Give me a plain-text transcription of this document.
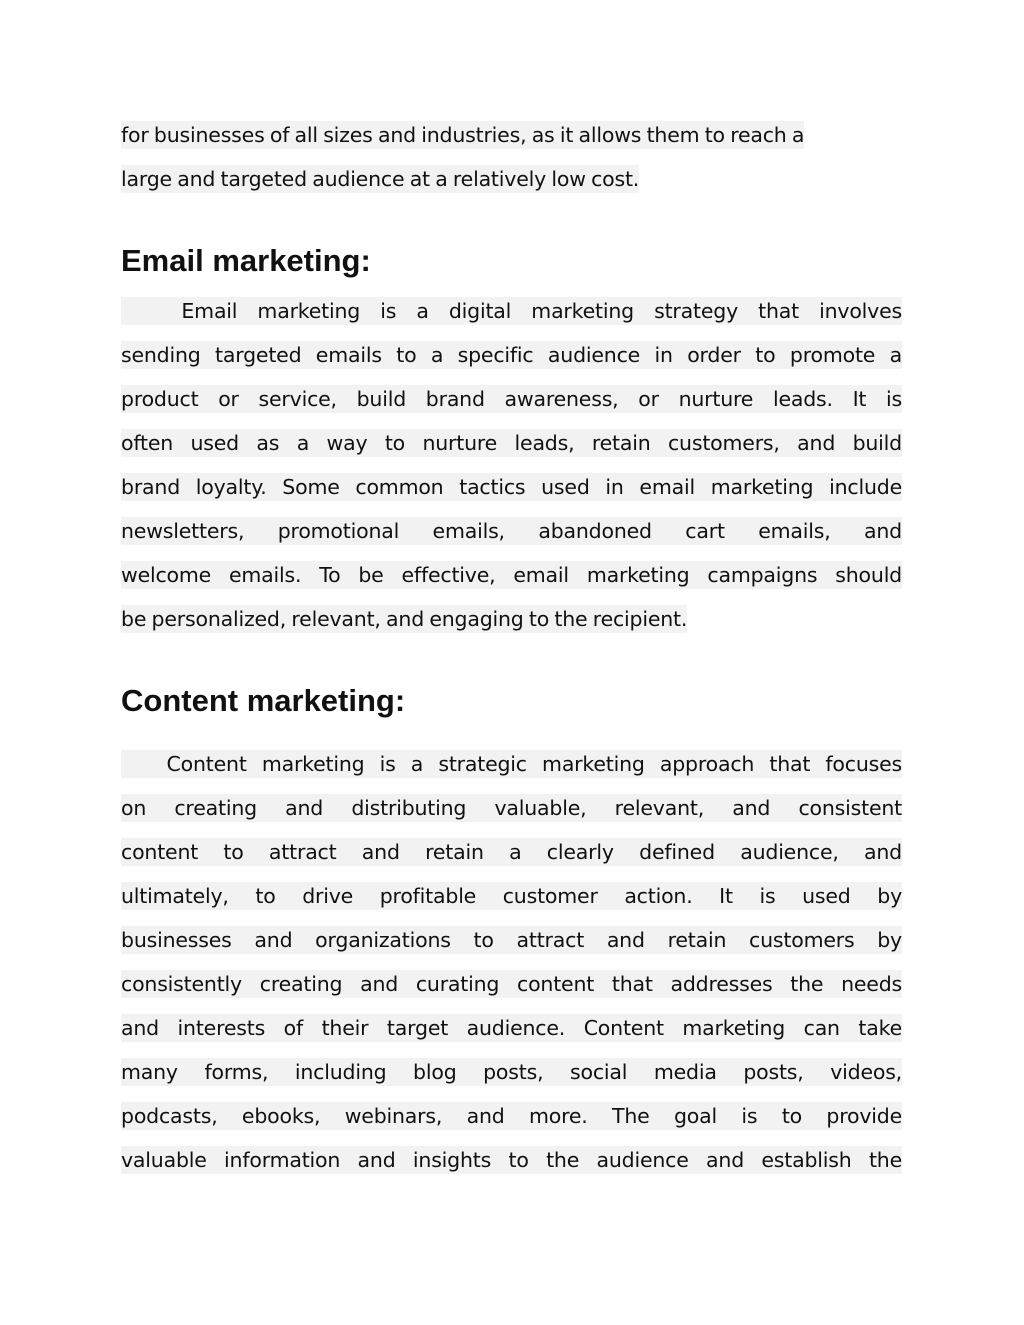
for businesses of all sizes and industries, as it allows them to reach a
large and targeted audience at a relatively low cost.
Email marketing:
Email marketing is a digital marketing strategy that involves
sending targeted emails to a specific audience in order to promote a
product or service, build brand awareness, or nurture leads. It is
often used as a way to nurture leads, retain customers, and build
brand loyalty. Some common tactics used in email marketing include
newsletters, promotional emails, abandoned cart emails, and
welcome emails. To be effective, email marketing campaigns should
be personalized, relevant, and engaging to the recipient.
Content marketing:
Content marketing is a strategic marketing approach that focuses
on creating and distributing valuable, relevant, and consistent
content to attract and retain a clearly defined audience, and
ultimately, to drive profitable customer action. It is used by
businesses and organizations to attract and retain customers by
consistently creating and curating content that addresses the needs
and interests of their target audience. Content marketing can take
many forms, including blog posts, social media posts, videos,
podcasts, ebooks, webinars, and more. The goal is to provide
valuable information and insights to the audience and establish the
